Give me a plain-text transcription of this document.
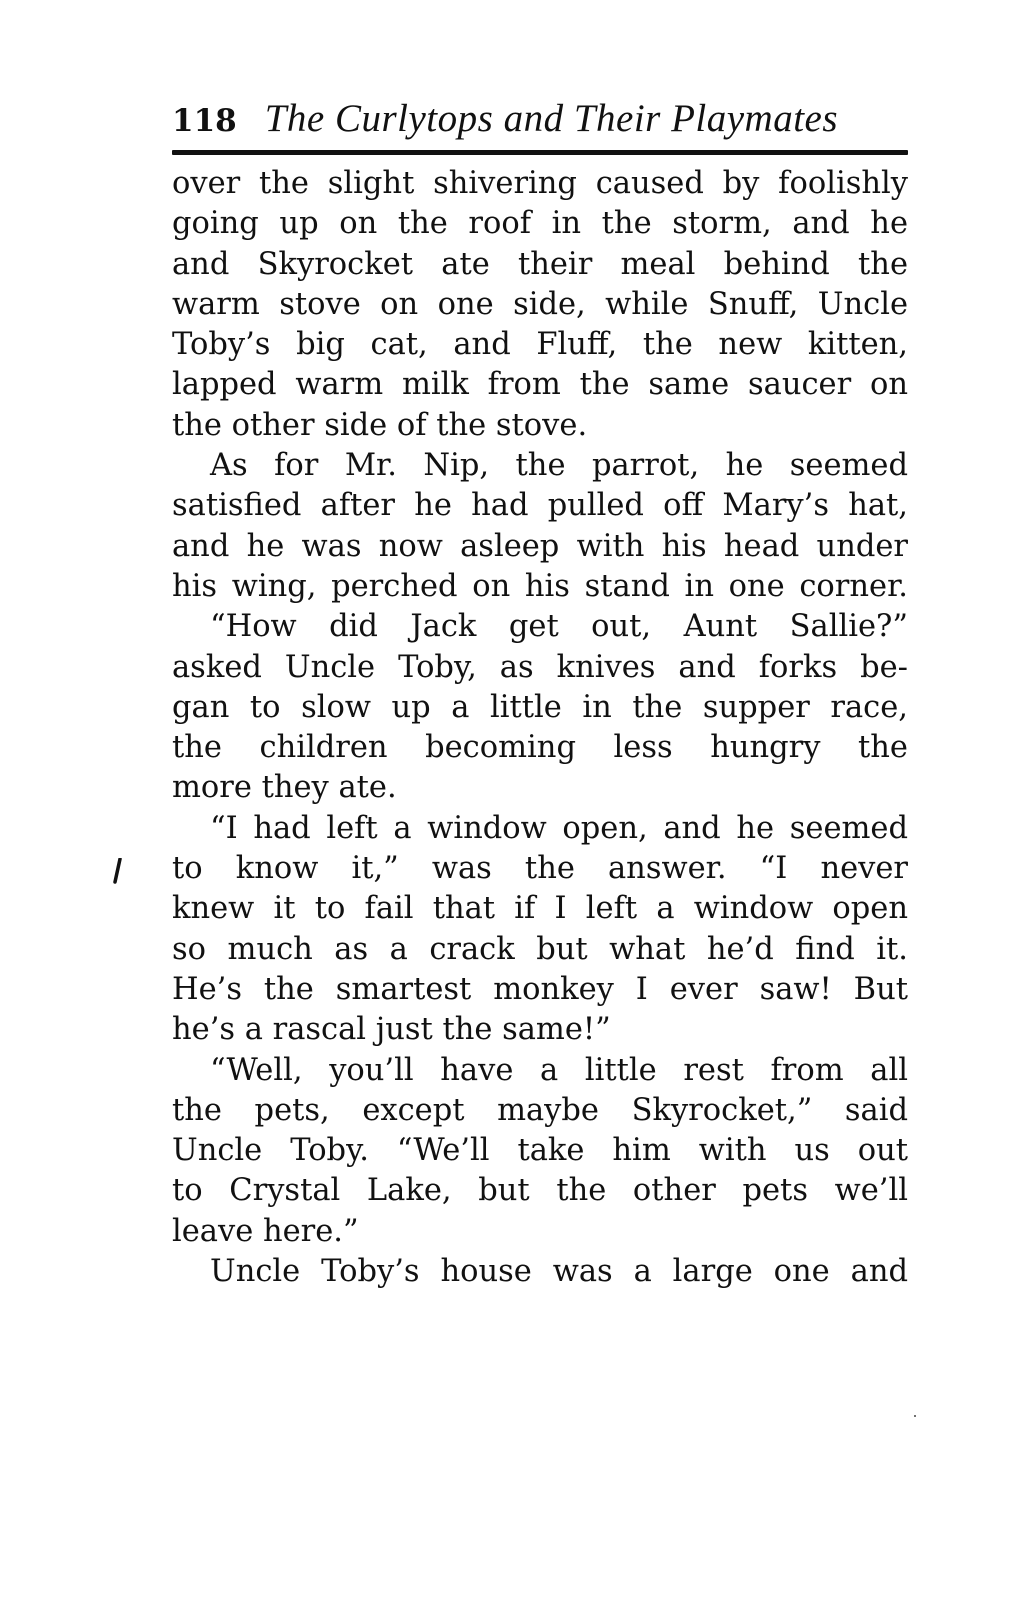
118 The Curlytops and Their Playmates
over the slight shivering caused by foolishly
going up on the roof in the storm, and he
and Skyrocket ate their meal behind the
warm stove on one side, while Snuff, Uncle
Toby’s big cat, and Fluff, the new kitten,
lapped warm milk from the same saucer on
the other side of the stove.
As for Mr. Nip, the parrot, he seemed
satisfied after he had pulled off Mary’s hat,
and he was now asleep with his head under
his wing, perched on his stand in one corner.
“How did Jack get out, Aunt Sallie?”
asked Uncle Toby, as knives and forks be-
gan to slow up a little in the supper race,
the children becoming less hungry the
more they ate.
“I had left a window open, and he seemed
to know it,” was the answer. “I never
knew it to fail that if I left a window open
so much as a crack but what he’d find it.
He’s the smartest monkey I ever saw! But
he’s a rascal just the same!”
“Well, you’ll have a little rest from all
the pets, except maybe Skyrocket,” said
Uncle Toby. “We’ll take him with us out
to Crystal Lake, but the other pets we’ll
leave here.”
Uncle Toby’s house was a large one and
